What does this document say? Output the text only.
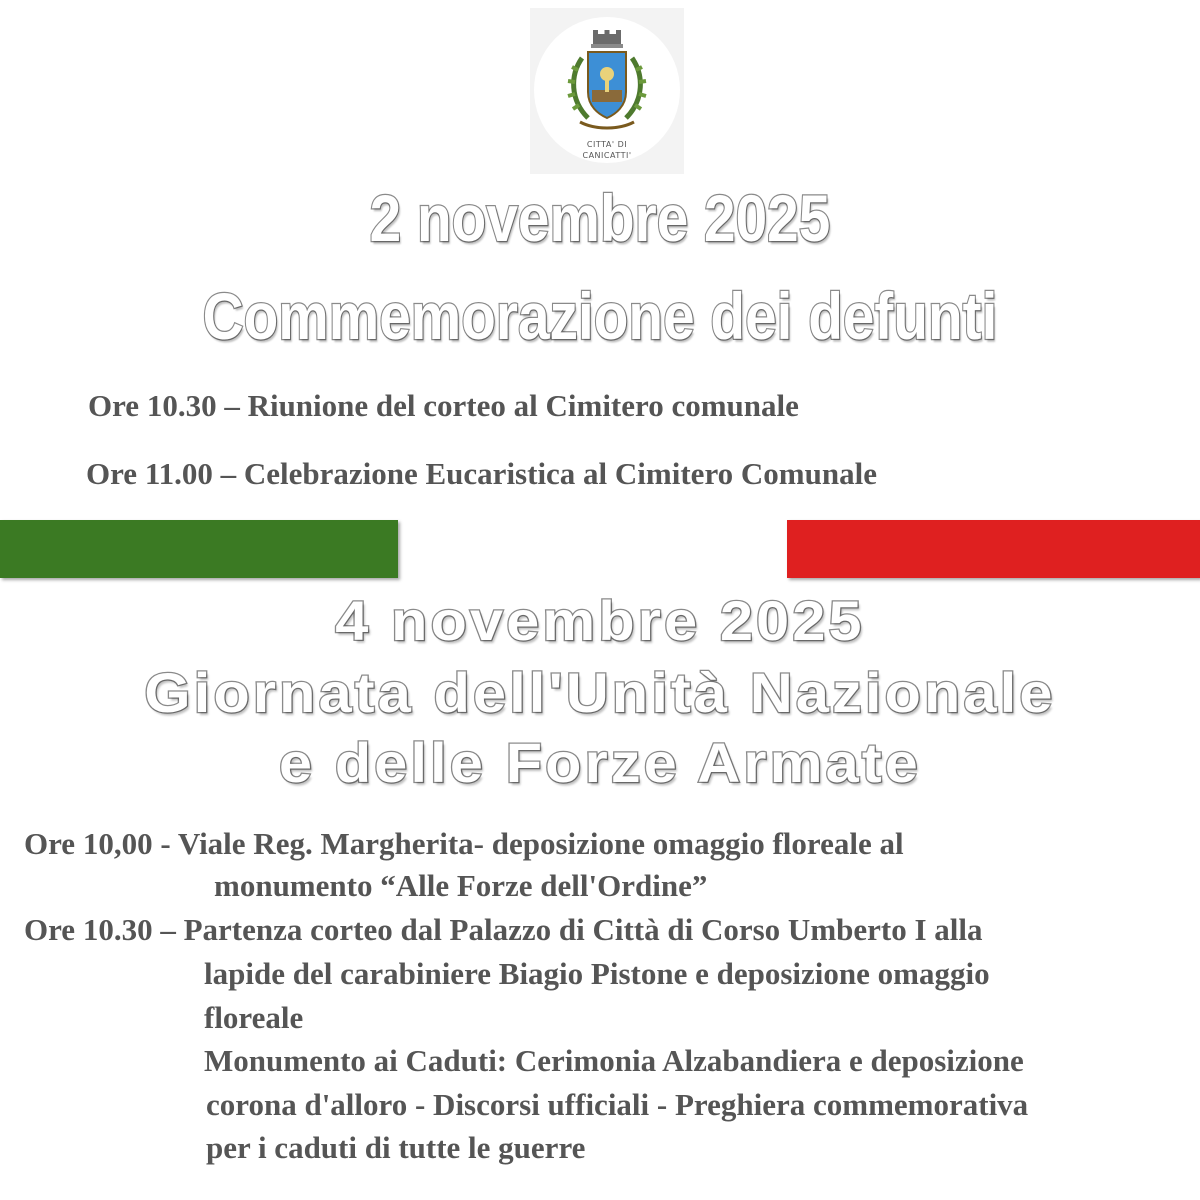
CITTA' DI
CANICATTI'
2 novembre 2025
Commemorazione dei defunti
Ore 10.30 – Riunione del corteo al Cimitero comunale
Ore 11.00 – Celebrazione Eucaristica al Cimitero Comunale
4 novembre 2025
Giornata dell'Unità Nazionale
e delle Forze Armate
Ore 10,00 - Viale Reg. Margherita- deposizione omaggio floreale al
monumento “Alle Forze dell'Ordine”
Ore 10.30 – Partenza corteo dal Palazzo di Città di Corso Umberto I alla
lapide del carabiniere Biagio Pistone e deposizione omaggio
floreale
Monumento ai Caduti: Cerimonia Alzabandiera e deposizione
corona d'alloro - Discorsi ufficiali - Preghiera commemorativa
per i caduti di tutte le guerre
